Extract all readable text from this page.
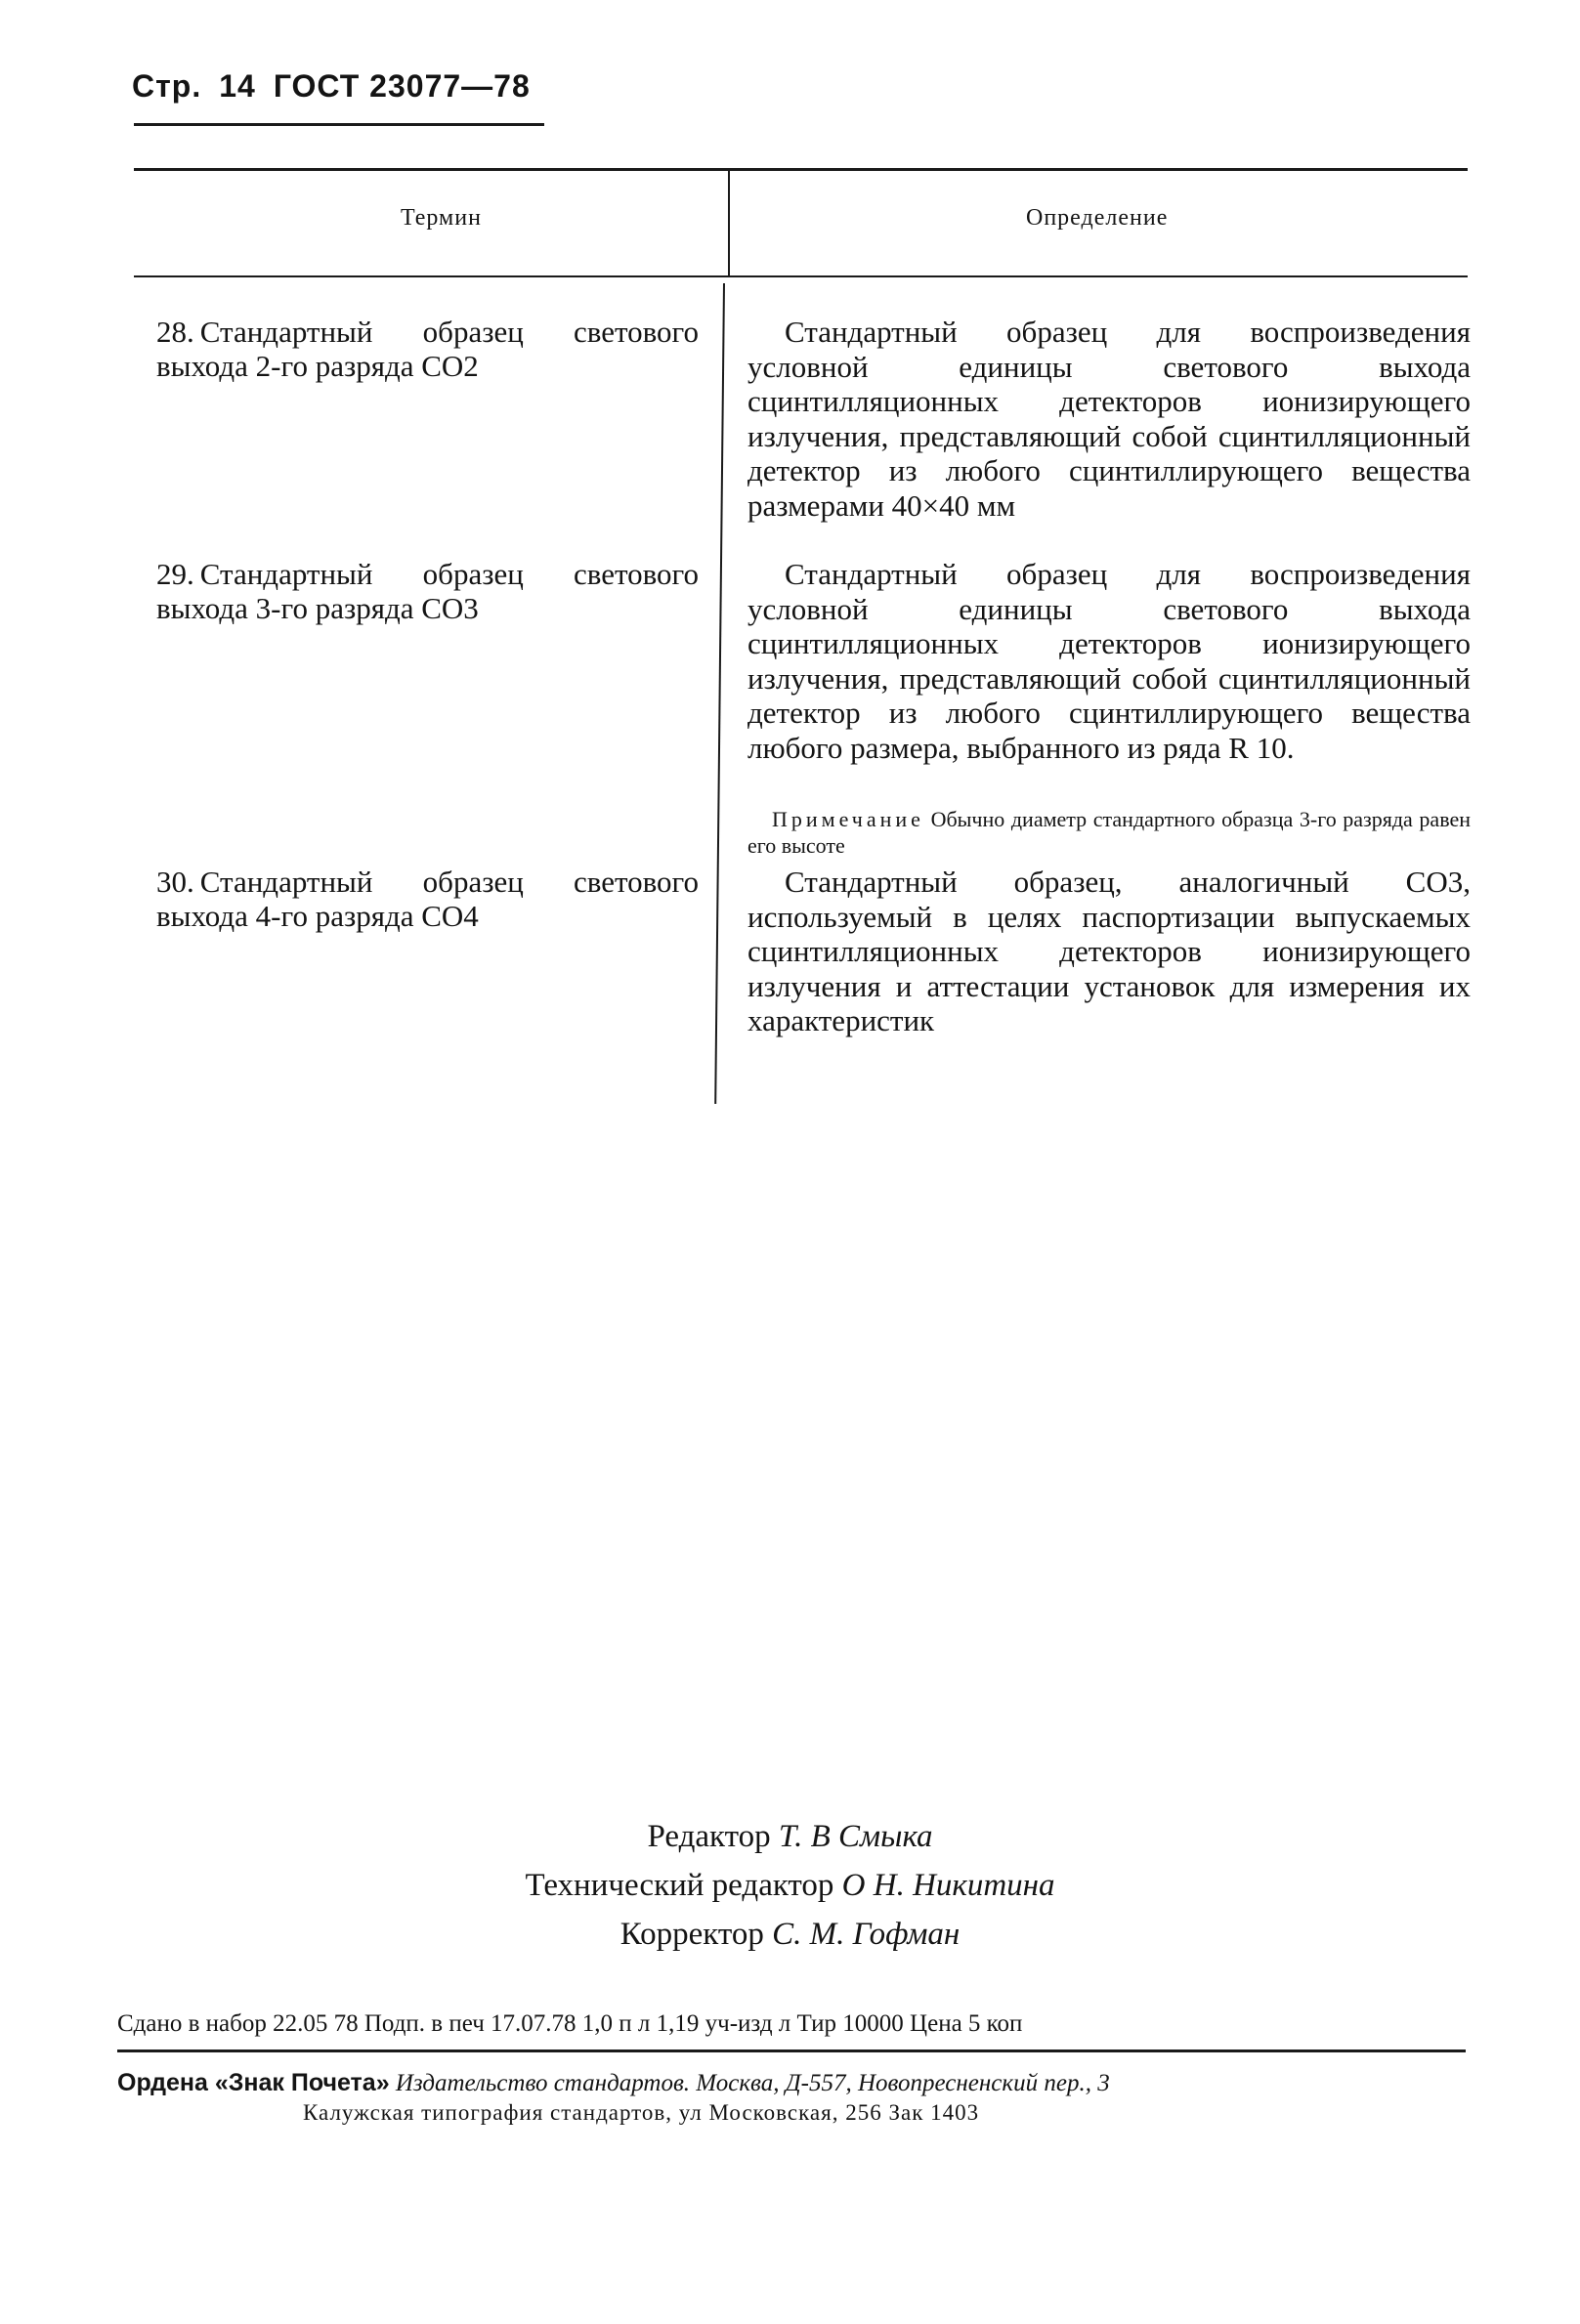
Стр. 14 ГОСТ 23077—78
Термин	Определение
28. Стандартный образец светового выхода 2-го разряда СО2
Стандартный образец для воспроизведения условной единицы светового выхода сцинтилляционных детекторов ионизирующего излучения, представляющий собой сцинтилляционный детектор из любого сцинтиллирующего вещества размерами 40×40 мм
29. Стандартный образец светового выхода 3-го разряда СО3
Стандартный образец для воспроизведения условной единицы светового выхода сцинтилляционных детекторов ионизирующего излучения, представляющий собой сцинтилляционный детектор из любого сцинтиллирующего вещества любого размера, выбранного из ряда R 10.
Примечание Обычно диаметр стандартного образца 3-го разряда равен его высоте
30. Стандартный образец светового выхода 4-го разряда СО4
Стандартный образец, аналогичный СО3, используемый в целях паспортизации выпускаемых сцинтилляционных детекторов ионизирующего излучения и аттестации установок для измерения их характеристик
Редактор Т. В Смыка
Технический редактор О Н. Никитина
Корректор С. М. Гофман
Сдано в набор 22.05 78 Подп. в печ 17.07.78 1,0 п л 1,19 уч-изд л Тир 10000 Цена 5 коп
Ордена «Знак Почета» Издательство стандартов. Москва, Д-557, Новопресненский пер., 3
Калужская типография стандартов, ул Московская, 256 Зак 1403
